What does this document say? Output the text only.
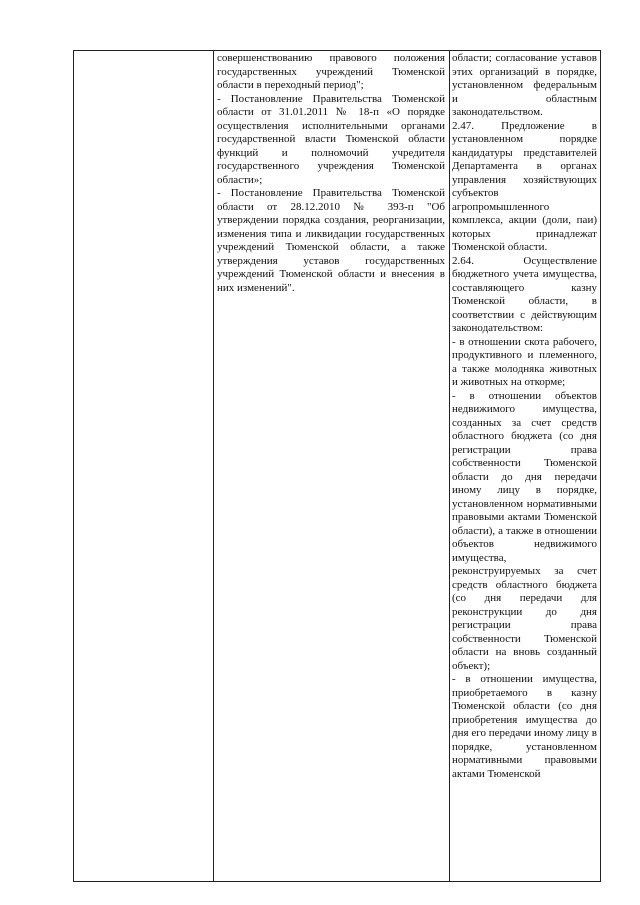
совершенствованию правового положения государственных учреждений Тюменской области в переходный период";

- Постановление Правительства Тюменской области от 31.01.2011 № 18-п «О порядке осуществления исполнительными органами государственной власти Тюменской области функций и полномочий учредителя государственного учреждения Тюменской области»;

- Постановление Правительства Тюменской области от 28.12.2010 № 393-п "Об утверждении порядка создания, реорганизации, изменения типа и ликвидации государственных учреждений Тюменской области, а также утверждения уставов государственных учреждений Тюменской области и внесения в них изменений".

области; согласование уставов этих организаций в порядке, установленном федеральным и областным законодательством.

2.47. Предложение в установленном порядке кандидатуры представителей Департамента в органах управления хозяйствующих субъектов агропромышленного комплекса, акции (доли, паи) которых принадлежат Тюменской области.

2.64. Осуществление бюджетного учета имущества, составляющего казну Тюменской области, в соответствии с действующим законодательством:

- в отношении скота рабочего, продуктивного и племенного, а также молодняка животных и животных на откорме;

- в отношении объектов недвижимого имущества, созданных за счет средств областного бюджета (со дня регистрации права собственности Тюменской области до дня передачи иному лицу в порядке, установленном нормативными правовыми актами Тюменской области), а также в отношении объектов недвижимого имущества, реконструируемых за счет средств областного бюджета (со дня передачи для реконструкции до дня регистрации права собственности Тюменской области на вновь созданный объект);

- в отношении имущества, приобретаемого в казну Тюменской области (со дня приобретения имущества до дня его передачи иному лицу в порядке, установленном нормативными правовыми актами Тюменской
